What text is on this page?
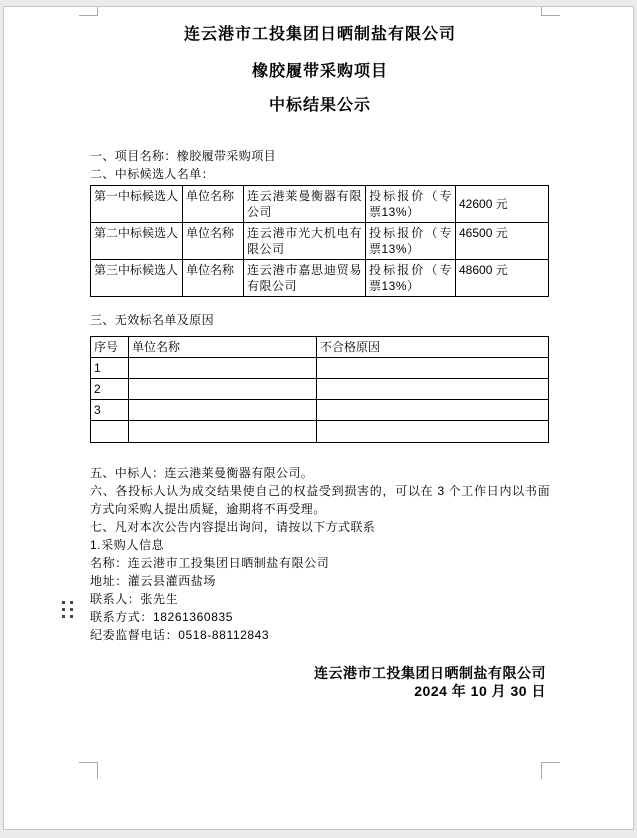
连云港市工投集团日晒制盐有限公司
橡胶履带采购项目
中标结果公示

一、项目名称：橡胶履带采购项目

二、中标候选人名单：

第一中标候选人	单位名称	连云港莱曼衡器有限公司	投标报价（专票13%）	42600 元
第二中标候选人	单位名称	连云港市光大机电有限公司	投标报价（专票13%）	46500 元
第三中标候选人	单位名称	连云港市嘉思迪贸易有限公司	投标报价（专票13%）	48600 元

三、无效标名单及原因

序号	单位名称	不合格原因
1		
2		
3		

五、中标人：连云港莱曼衡器有限公司。

六、各投标人认为成交结果使自己的权益受到损害的，可以在 3 个工作日内以书面方式向采购人提出质疑，逾期将不再受理。

七、凡对本次公告内容提出询问，请按以下方式联系

1.采购人信息

名称：连云港市工投集团日晒制盐有限公司

地址：灌云县灌西盐场

联系人：张先生

联系方式：18261360835

纪委监督电话：0518-88112843

连云港市工投集团日晒制盐有限公司
2024 年 10 月 30 日
